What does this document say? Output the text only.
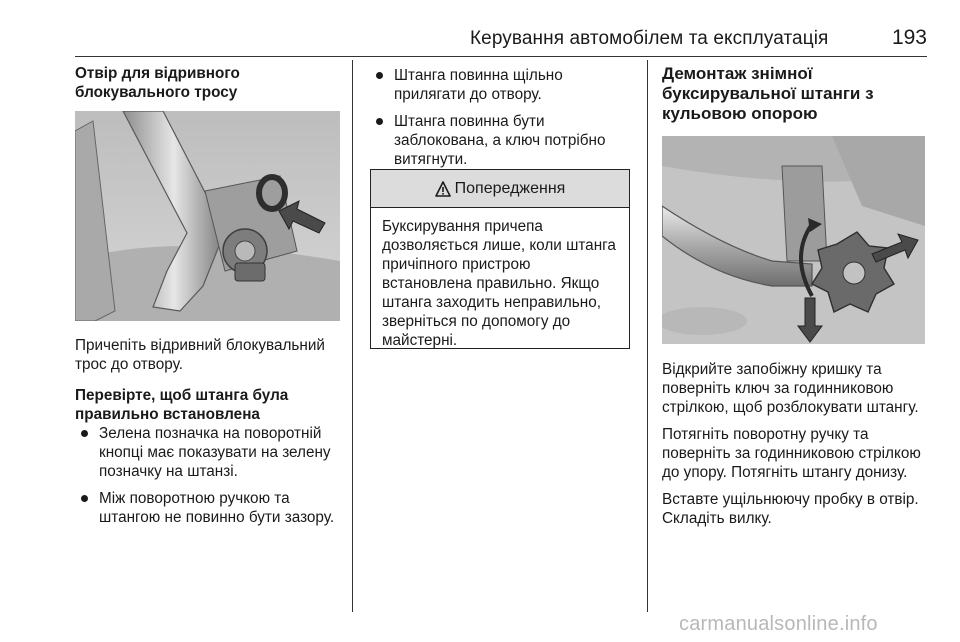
Керування автомобілем та експлуатація	193
Отвір для відривного
блокувального тросу

Причепіть відривний блокувальний трос до отвору.

Перевірте, щоб штанга була
правильно встановлена
Зелена позначка на поворотній кнопці має показувати на зелену позначку на штанзі.
Між поворотною ручкою та штангою не повинно бути зазору.
Штанга повинна щільно прилягати до отвору.
Штанга повинна бути заблокована, а ключ потрібно витягнути.
Попередження
Буксирування причепа дозволяється лише, коли штанга причіпного пристрою встановлена правильно. Якщо штанга заходить неправильно, зверніться по допомогу до майстерні.
Демонтаж знімної
буксирувальної штанги з
кульовою опорою

Відкрийте запобіжну кришку та поверніть ключ за годинниковою стрілкою, щоб розблокувати штангу.

Потягніть поворотну ручку та поверніть за годинниковою стрілкою до упору. Потягніть штангу донизу.

Вставте ущільнюючу пробку в отвір. Складіть вилку.

carmanualsonline.info
